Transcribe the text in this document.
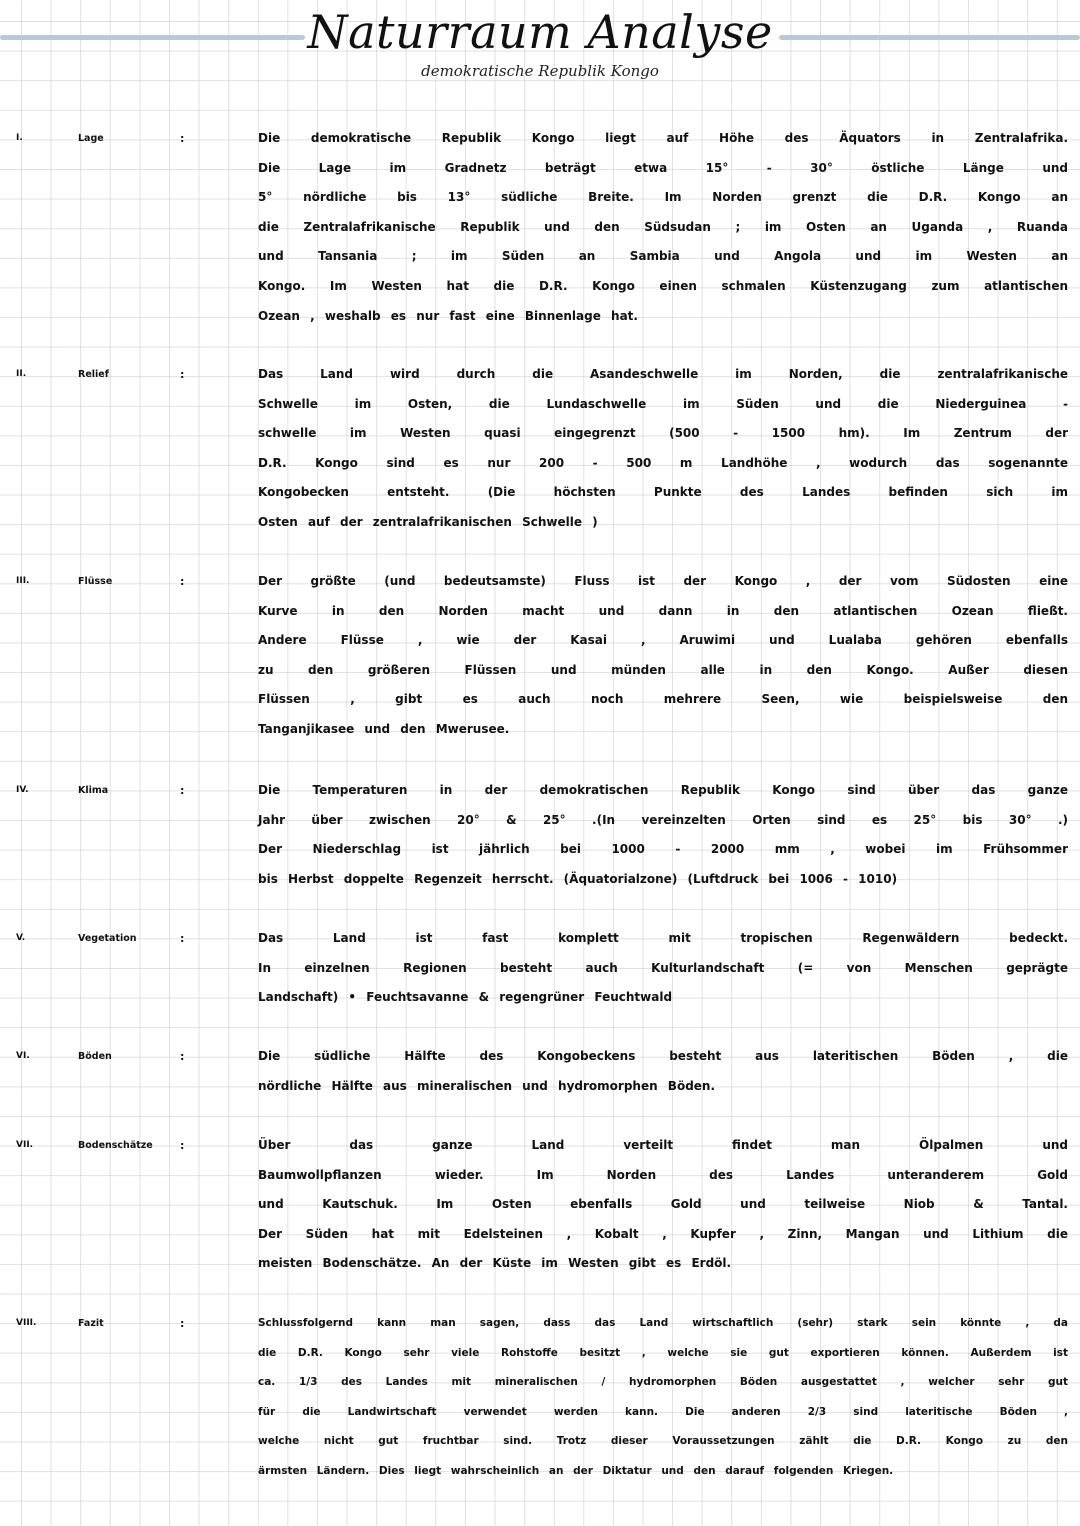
Naturraum Analyse
demokratische Republik Kongo
I.	Lage	:	Die demokratische Republik Kongo liegt auf Höhe des Äquators in Zentralafrika.
Die Lage im Gradnetz beträgt etwa 15° - 30° östliche Länge und
5° nördliche bis 13° südliche Breite. Im Norden grenzt die D.R. Kongo an
die Zentralafrikanische Republik und den Südsudan ; im Osten an Uganda , Ruanda
und Tansania ; im Süden an Sambia und Angola und im Westen an
Kongo. Im Westen hat die D.R. Kongo einen schmalen Küstenzugang zum atlantischen
Ozean , weshalb es nur fast eine Binnenlage hat.
II.	Relief	:	Das Land wird durch die Asandeschwelle im Norden, die zentralafrikanische
Schwelle im Osten, die Lundaschwelle im Süden und die Niederguinea -
schwelle im Westen quasi eingegrenzt (500 - 1500 hm). Im Zentrum der
D.R. Kongo sind es nur 200 - 500 m Landhöhe , wodurch das sogenannte
Kongobecken entsteht. (Die höchsten Punkte des Landes befinden sich im
Osten auf der zentralafrikanischen Schwelle )
III.	Flüsse	:	Der größte (und bedeutsamste) Fluss ist der Kongo , der vom Südosten eine
Kurve in den Norden macht und dann in den atlantischen Ozean fließt.
Andere Flüsse , wie der Kasai , Aruwimi und Lualaba gehören ebenfalls
zu den größeren Flüssen und münden alle in den Kongo. Außer diesen
Flüssen , gibt es auch noch mehrere Seen, wie beispielsweise den
Tanganjikasee und den Mwerusee.
IV.	Klima	:	Die Temperaturen in der demokratischen Republik Kongo sind über das ganze
Jahr über zwischen 20° & 25° .(In vereinzelten Orten sind es 25° bis 30° .)
Der Niederschlag ist jährlich bei 1000 - 2000 mm , wobei im Frühsommer
bis Herbst doppelte Regenzeit herrscht. (Äquatorialzone) (Luftdruck bei 1006 - 1010)
V.	Vegetation	:	Das Land ist fast komplett mit tropischen Regenwäldern bedeckt.
In einzelnen Regionen besteht auch Kulturlandschaft (= von Menschen geprägte
Landschaft) • Feuchtsavanne & regengrüner Feuchtwald
VI.	Böden	:	Die südliche Hälfte des Kongobeckens besteht aus lateritischen Böden , die
nördliche Hälfte aus mineralischen und hydromorphen Böden.
VII.	Bodenschätze :	Über das ganze Land verteilt findet man Ölpalmen und
Baumwollpflanzen wieder. Im Norden des Landes unteranderem Gold
und Kautschuk. Im Osten ebenfalls Gold und teilweise Niob & Tantal.
Der Süden hat mit Edelsteinen , Kobalt , Kupfer , Zinn, Mangan und Lithium die
meisten Bodenschätze. An der Küste im Westen gibt es Erdöl.
VIII.	Fazit	:	Schlussfolgernd kann man sagen, dass das Land wirtschaftlich (sehr) stark sein könnte , da
die D.R. Kongo sehr viele Rohstoffe besitzt , welche sie gut exportieren können. Außerdem ist
ca. 1/3 des Landes mit mineralischen / hydromorphen Böden ausgestattet , welcher sehr gut
für die Landwirtschaft verwendet werden kann. Die anderen 2/3 sind lateritische Böden ,
welche nicht gut fruchtbar sind. Trotz dieser Voraussetzungen zählt die D.R. Kongo zu den
ärmsten Ländern. Dies liegt wahrscheinlich an der Diktatur und den darauf folgenden Kriegen.
